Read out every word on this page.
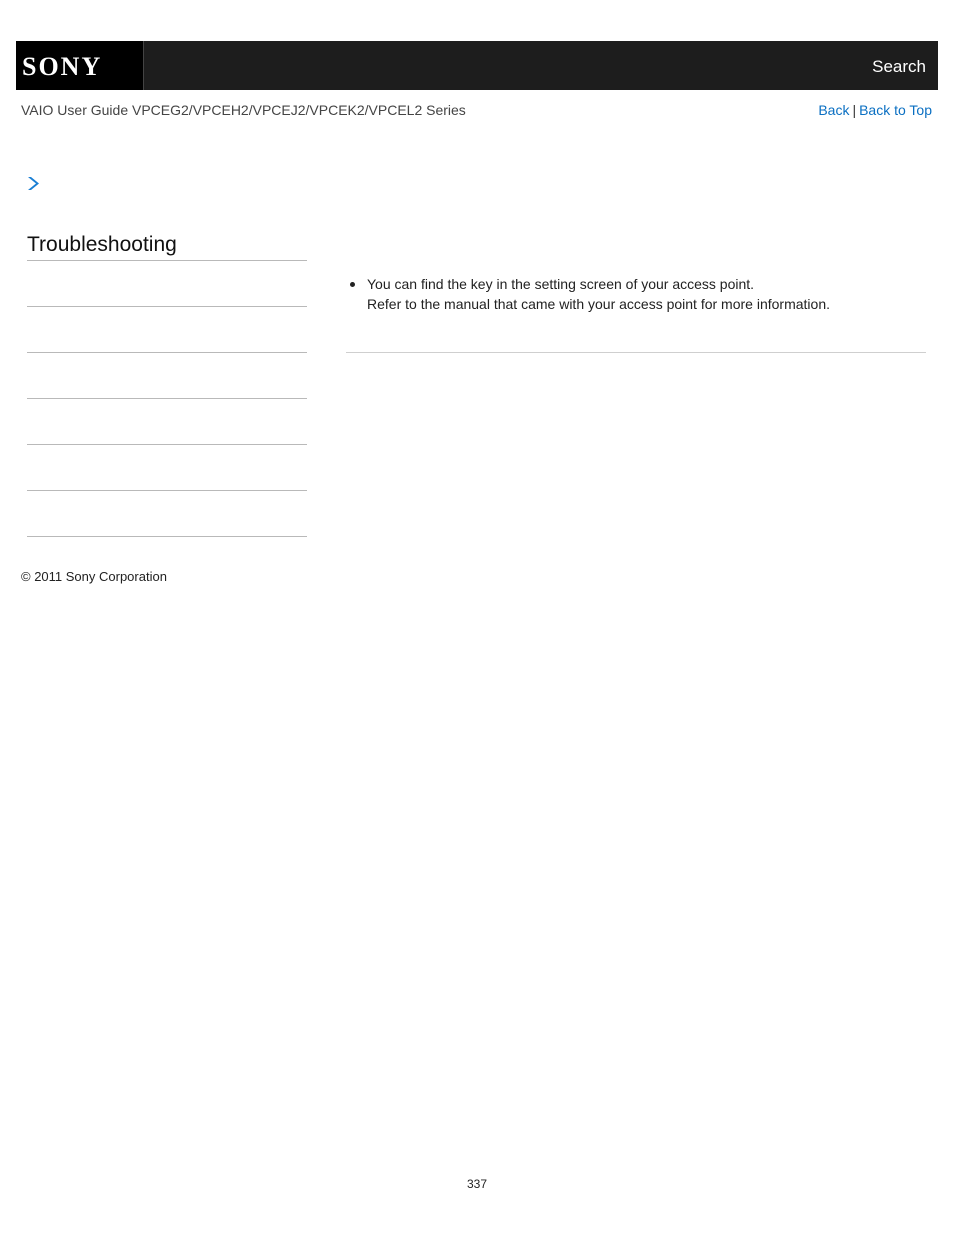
SONY	Search
VAIO User Guide VPCEG2/VPCEH2/VPCEJ2/VPCEK2/VPCEL2 Series	Back | Back to Top
Troubleshooting
You can find the key in the setting screen of your access point.
Refer to the manual that came with your access point for more information.
© 2011 Sony Corporation
337
